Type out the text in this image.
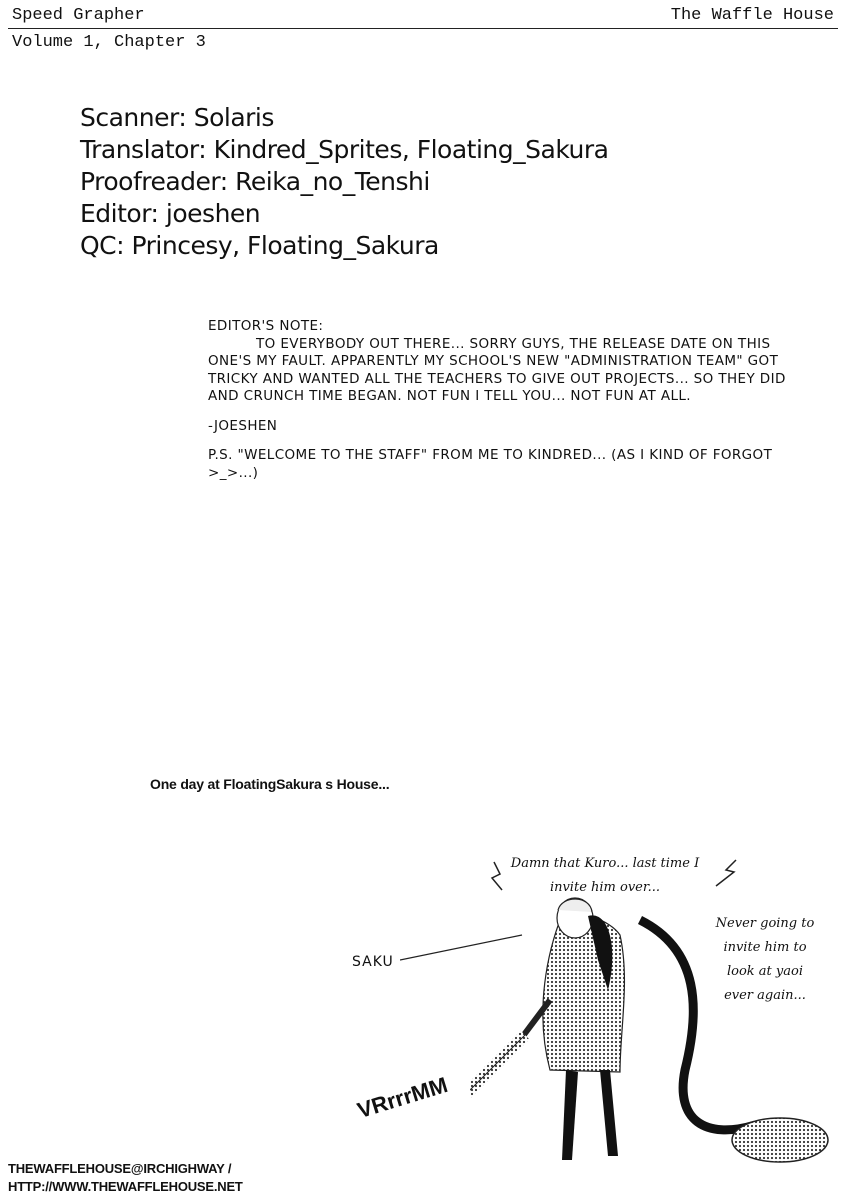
Speed Grapher	The Waffle House
Volume 1, Chapter 3
Scanner: Solaris
Translator: Kindred_Sprites, Floating_Sakura
Proofreader: Reika_no_Tenshi
Editor: joeshen
QC: Princesy, Floating_Sakura

EDITOR'S NOTE:

TO EVERYBODY OUT THERE... SORRY GUYS, THE RELEASE DATE ON THIS ONE'S MY FAULT. APPARENTLY MY SCHOOL'S NEW "ADMINISTRATION TEAM" GOT TRICKY AND WANTED ALL THE TEACHERS TO GIVE OUT PROJECTS... SO THEY DID AND CRUNCH TIME BEGAN. NOT FUN I TELL YOU... NOT FUN AT ALL.

-JOESHEN

P.S. "WELCOME TO THE STAFF" FROM ME TO KINDRED... (AS I KIND OF FORGOT >_>...)

One day at FloatingSakura s House...
Damn that Kuro... last time I
invite him over...
Never going to
invite him to
look at yaoi
ever again...
SAKU
VRrrrMM
THEWAFFLEHOUSE@IRCHIGHWAY /
HTTP://WWW.THEWAFFLEHOUSE.NET
